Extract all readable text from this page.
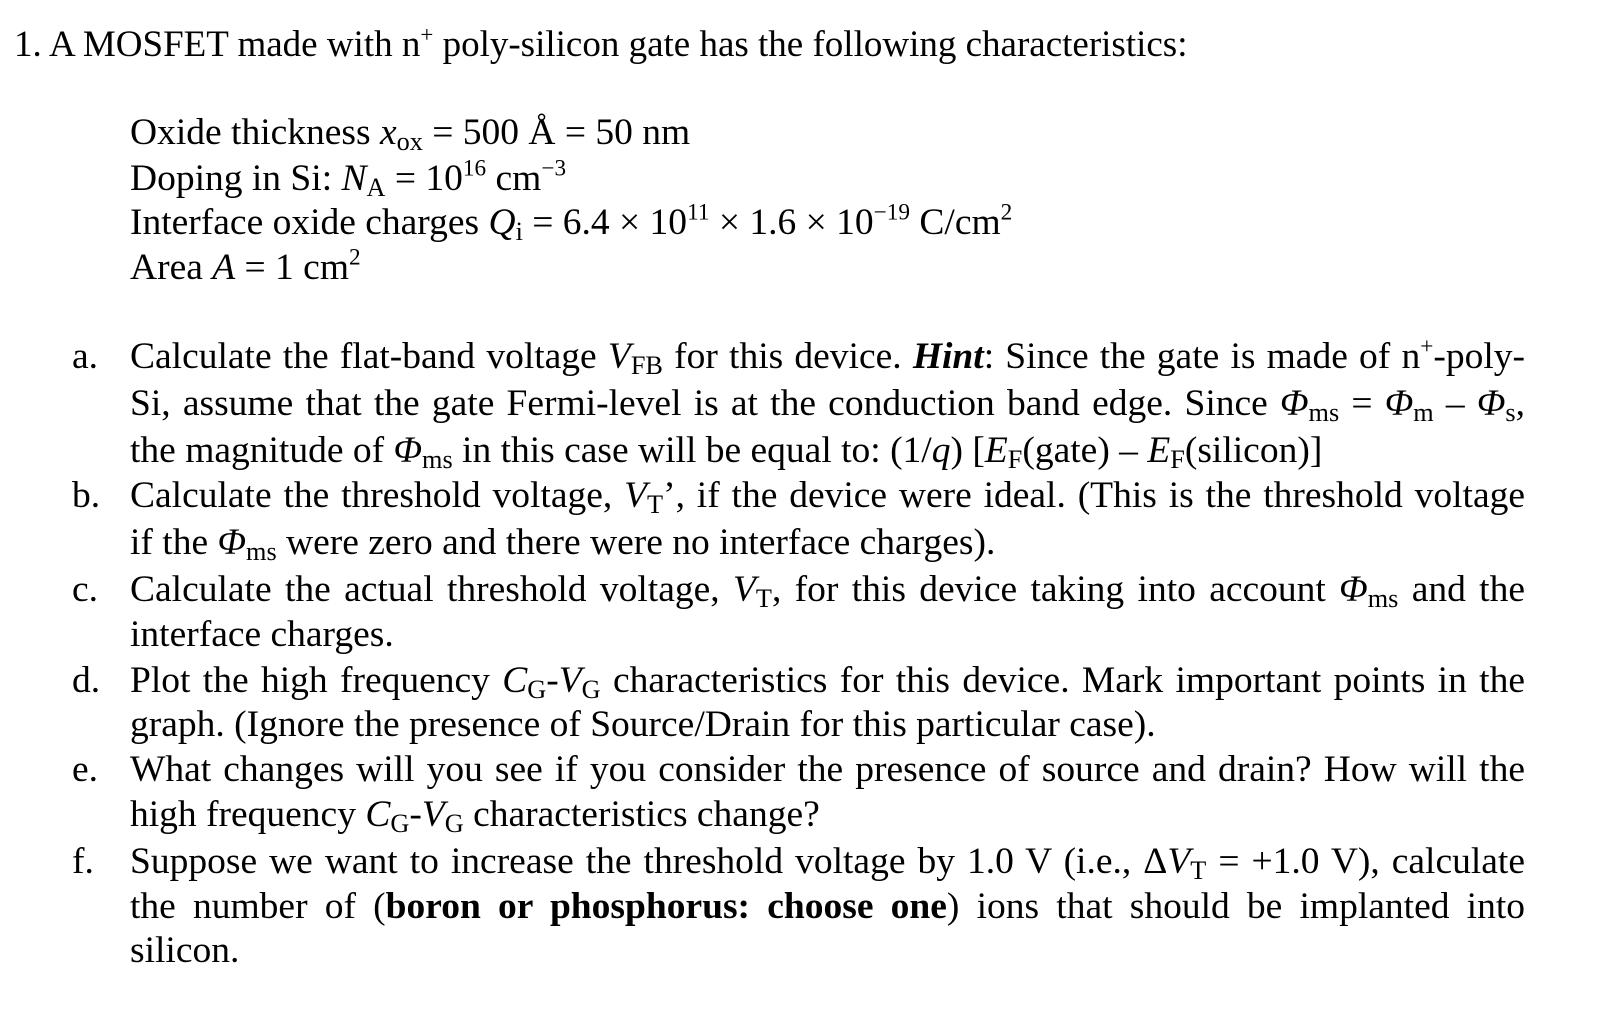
1. A MOSFET made with n+ poly-silicon gate has the following characteristics:
Oxide thickness $x_{ox} = 500$ Å = 50 nm
Doping in Si: $N_A = 10^{16}$ $cm^{-3}$
Interface oxide charges $Q_i = 6.4 \times 10^{11} \times 1.6 \times 10^{-19}$ $C/cm^2$
Area A = 1 $cm^2$
a. Calculate the flat-band voltage $V_{FB}$ for this device. Hint: Since the gate is made of n+-poly-
Si, assume that the gate Fermi-level is at the conduction band edge. Since $\Phi_{ms} = \Phi_m - \Phi_s$,
the magnitude of $\Phi_{ms}$ in this case will be equal to: (1/q) [$E_F(gate)$ – $E_F(silicon)$]
b. Calculate the threshold voltage, $V_T$’, if the device were ideal. (This is the threshold voltage
if the $\Phi_{ms}$ were zero and there were no interface charges).
c. Calculate the actual threshold voltage, $V_T$, for this device taking into account $\Phi_{ms}$ and the
interface charges.
d. Plot the high frequency $C_G-V_G$ characteristics for this device. Mark important points in the
graph. (Ignore the presence of Source/Drain for this particular case).
e. What changes will you see if you consider the presence of source and drain? How will the
high frequency $C_G-V_G$ characteristics change?
f. Suppose we want to increase the threshold voltage by 1.0 V (i.e., $\Delta V_T = +1.0$ V), calculate
the number of (boron or phosphorus: choose one) ions that should be implanted into
silicon.
